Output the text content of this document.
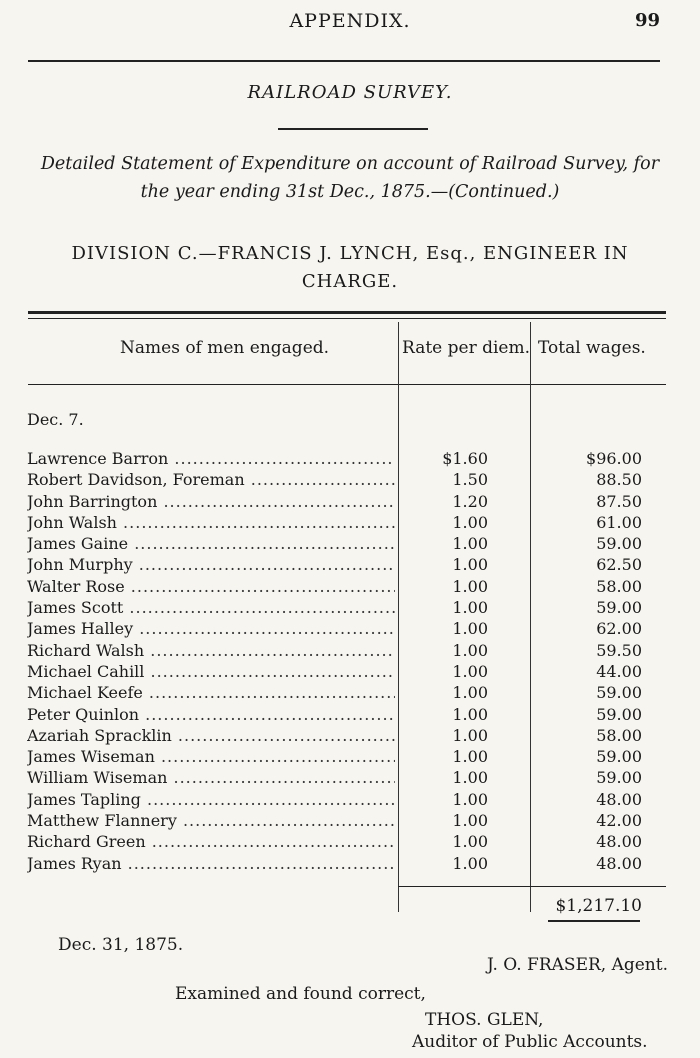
APPENDIX.	99
RAILROAD SURVEY.
Detailed Statement of Expenditure on account of Railroad Survey, for
the year ending 31st Dec., 1875.—(Continued.)
DIVISION C.—FRANCIS J. LYNCH, Esq., ENGINEER IN
CHARGE.
Names of men engaged.	Rate per diem. Total wages.
Dec. 7.
Lawrence Barron .....	$1.60	$96.00
Robert Davidson, Foreman .....	1.50	88.50
John Barrington .....	1.20	87.50
John Walsh .....	1.00	61.00
James Gaine .....	1.00	59.00
John Murphy .....	1.00	62.50
Walter Rose .....	1.00	58.00
James Scott .....	1.00	59.00
James Halley .....	1.00	62.00
Richard Walsh .....	1.00	59.50
Michael Cahill .....	1.00	44.00
Michael Keefe .....	1.00	59.00
Peter Quinlon .....	1.00	59.00
Azariah Spracklin .....	1.00	58.00
James Wiseman .....	1.00	59.00
William Wiseman .....	1.00	59.00
James Tapling .....	1.00	48.00
Matthew Flannery .....	1.00	42.00
Richard Green .....	1.00	48.00
James Ryan .....	1.00	48.00
$1,217.10
Dec. 31, 1875.
J. O. FRASER, Agent.
Examined and found correct,
THOS. GLEN,
Auditor of Public Accounts.
